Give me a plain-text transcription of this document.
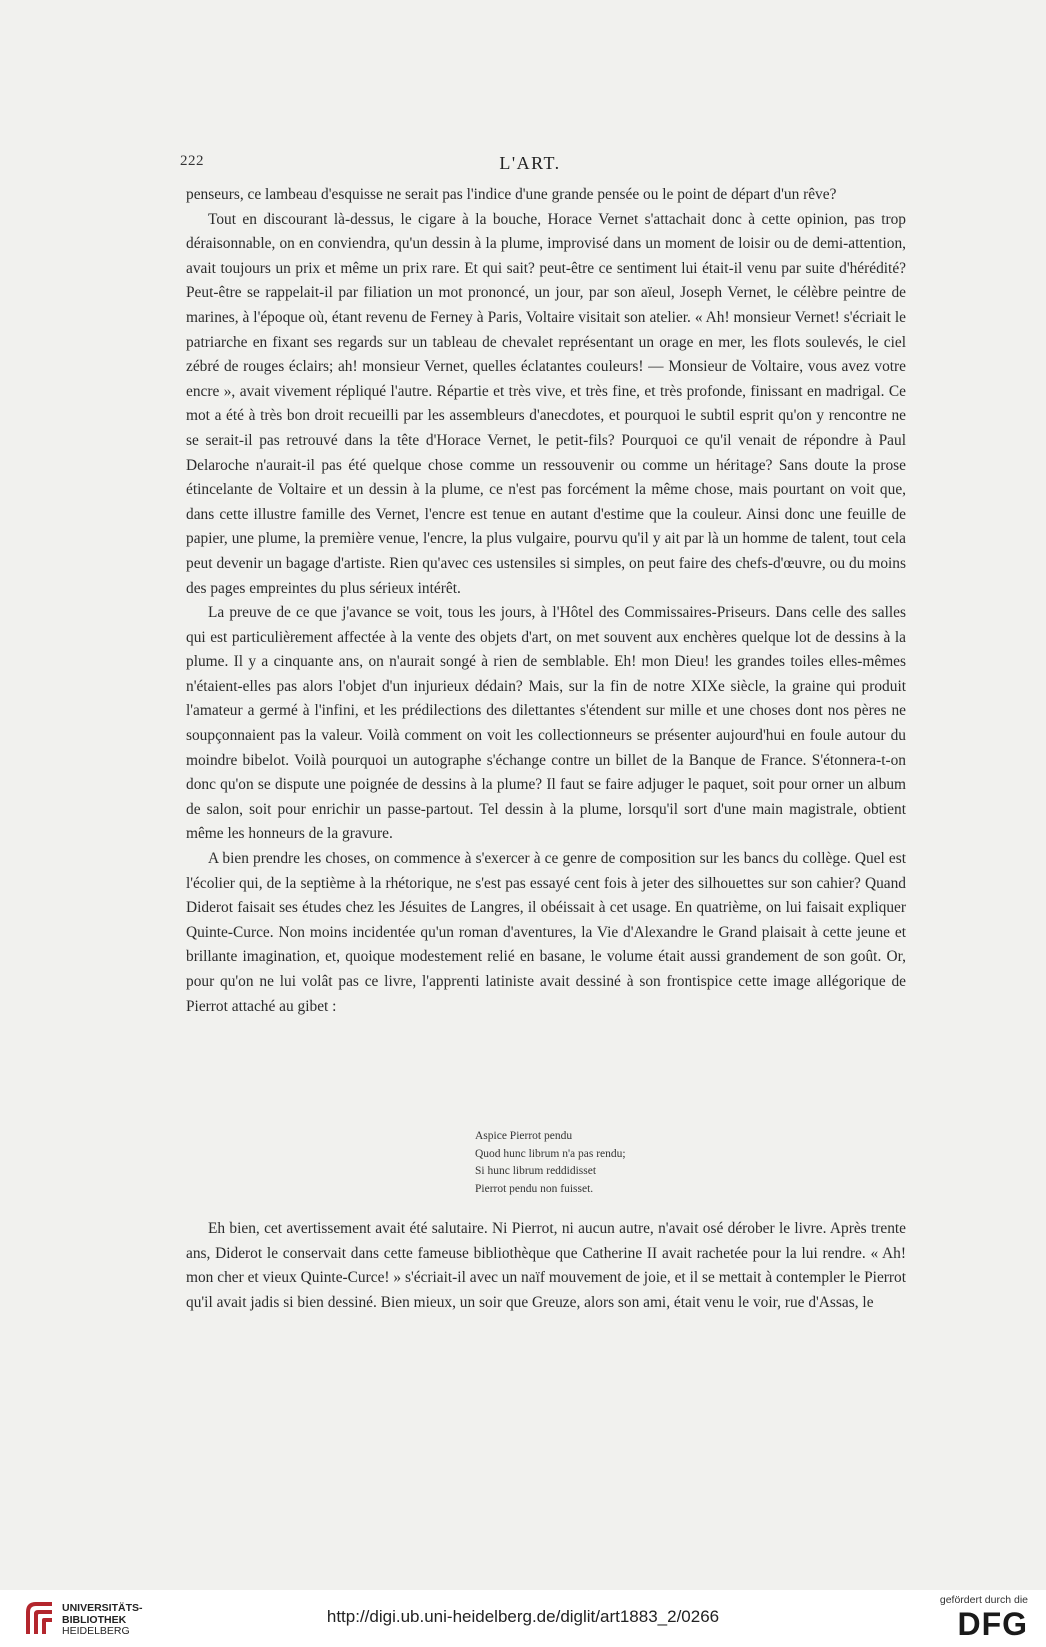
222	L'ART.

penseurs, ce lambeau d'esquisse ne serait pas l'indice d'une grande pensée ou le point de départ d'un rêve?

Tout en discourant là-dessus, le cigare à la bouche, Horace Vernet s'attachait donc à cette opinion, pas trop déraisonnable, on en conviendra, qu'un dessin à la plume, improvisé dans un moment de loisir ou de demi-attention, avait toujours un prix et même un prix rare. Et qui sait? peut-être ce sentiment lui était-il venu par suite d'hérédité? Peut-être se rappelait-il par filiation un mot prononcé, un jour, par son aïeul, Joseph Vernet, le célèbre peintre de marines, à l'époque où, étant revenu de Ferney à Paris, Voltaire visitait son atelier. « Ah! monsieur Vernet! s'écriait le patriarche en fixant ses regards sur un tableau de chevalet représentant un orage en mer, les flots soulevés, le ciel zébré de rouges éclairs; ah! monsieur Vernet, quelles éclatantes couleurs! — Monsieur de Voltaire, vous avez votre encre », avait vivement répliqué l'autre. Répartie et très vive, et très fine, et très profonde, finissant en madrigal. Ce mot a été à très bon droit recueilli par les assembleurs d'anecdotes, et pourquoi le subtil esprit qu'on y rencontre ne se serait-il pas retrouvé dans la tête d'Horace Vernet, le petit-fils? Pourquoi ce qu'il venait de répondre à Paul Delaroche n'aurait-il pas été quelque chose comme un ressouvenir ou comme un héritage? Sans doute la prose étincelante de Voltaire et un dessin à la plume, ce n'est pas forcément la même chose, mais pourtant on voit que, dans cette illustre famille des Vernet, l'encre est tenue en autant d'estime que la couleur. Ainsi donc une feuille de papier, une plume, la première venue, l'encre, la plus vulgaire, pourvu qu'il y ait par là un homme de talent, tout cela peut devenir un bagage d'artiste. Rien qu'avec ces ustensiles si simples, on peut faire des chefs-d'œuvre, ou du moins des pages empreintes du plus sérieux intérêt.

La preuve de ce que j'avance se voit, tous les jours, à l'Hôtel des Commissaires-Priseurs. Dans celle des salles qui est particulièrement affectée à la vente des objets d'art, on met souvent aux enchères quelque lot de dessins à la plume. Il y a cinquante ans, on n'aurait songé à rien de semblable. Eh! mon Dieu! les grandes toiles elles-mêmes n'étaient-elles pas alors l'objet d'un injurieux dédain? Mais, sur la fin de notre XIXe siècle, la graine qui produit l'amateur a germé à l'infini, et les prédilections des dilettantes s'étendent sur mille et une choses dont nos pères ne soupçonnaient pas la valeur. Voilà comment on voit les collectionneurs se présenter aujourd'hui en foule autour du moindre bibelot. Voilà pourquoi un autographe s'échange contre un billet de la Banque de France. S'étonnera-t-on donc qu'on se dispute une poignée de dessins à la plume? Il faut se faire adjuger le paquet, soit pour orner un album de salon, soit pour enrichir un passe-partout. Tel dessin à la plume, lorsqu'il sort d'une main magistrale, obtient même les honneurs de la gravure.

A bien prendre les choses, on commence à s'exercer à ce genre de composition sur les bancs du collège. Quel est l'écolier qui, de la septième à la rhétorique, ne s'est pas essayé cent fois à jeter des silhouettes sur son cahier? Quand Diderot faisait ses études chez les Jésuites de Langres, il obéissait à cet usage. En quatrième, on lui faisait expliquer Quinte-Curce. Non moins incidentée qu'un roman d'aventures, la Vie d'Alexandre le Grand plaisait à cette jeune et brillante imagination, et, quoique modestement relié en basane, le volume était aussi grandement de son goût. Or, pour qu'on ne lui volât pas ce livre, l'apprenti latiniste avait dessiné à son frontispice cette image allégorique de Pierrot attaché au gibet :

Aspice Pierrot pendu
Quod hunc librum n'a pas rendu;
Si hunc librum reddidisset
Pierrot pendu non fuisset.

Eh bien, cet avertissement avait été salutaire. Ni Pierrot, ni aucun autre, n'avait osé dérober le livre. Après trente ans, Diderot le conservait dans cette fameuse bibliothèque que Catherine II avait rachetée pour la lui rendre. « Ah! mon cher et vieux Quinte-Curce! » s'écriait-il avec un naïf mouvement de joie, et il se mettait à contempler le Pierrot qu'il avait jadis si bien dessiné. Bien mieux, un soir que Greuze, alors son ami, était venu le voir, rue d'Assas, le

UNIVERSITÄTS-
BIBLIOTHEK
HEIDELBERG
http://digi.ub.uni-heidelberg.de/diglit/art1883_2/0266
gefördert durch die
DFG
